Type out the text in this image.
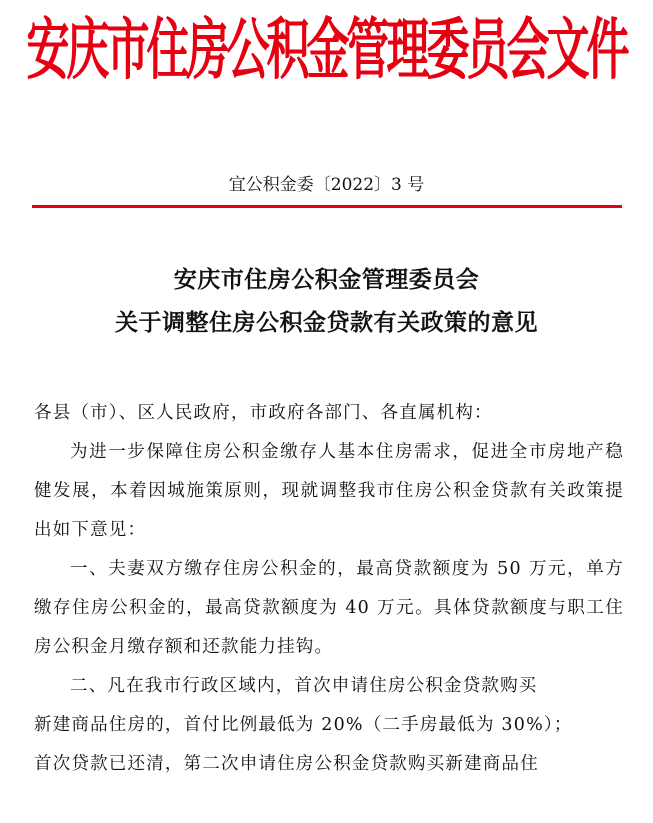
安庆市住房公积金管理委员会文件
宜公积金委〔2022〕3 号
安庆市住房公积金管理委员会
关于调整住房公积金贷款有关政策的意见

各县（市）、区人民政府，市政府各部门、各直属机构：

为进一步保障住房公积金缴存人基本住房需求，促进全市房地产稳健发展，本着因城施策原则，现就调整我市住房公积金贷款有关政策提出如下意见：

一、夫妻双方缴存住房公积金的，最高贷款额度为 50 万元，单方缴存住房公积金的，最高贷款额度为 40 万元。具体贷款额度与职工住房公积金月缴存额和还款能力挂钩。

二、凡在我市行政区域内，首次申请住房公积金贷款购买
新建商品住房的，首付比例最低为 20%（二手房最低为 30%）；
首次贷款已还清，第二次申请住房公积金贷款购买新建商品住
